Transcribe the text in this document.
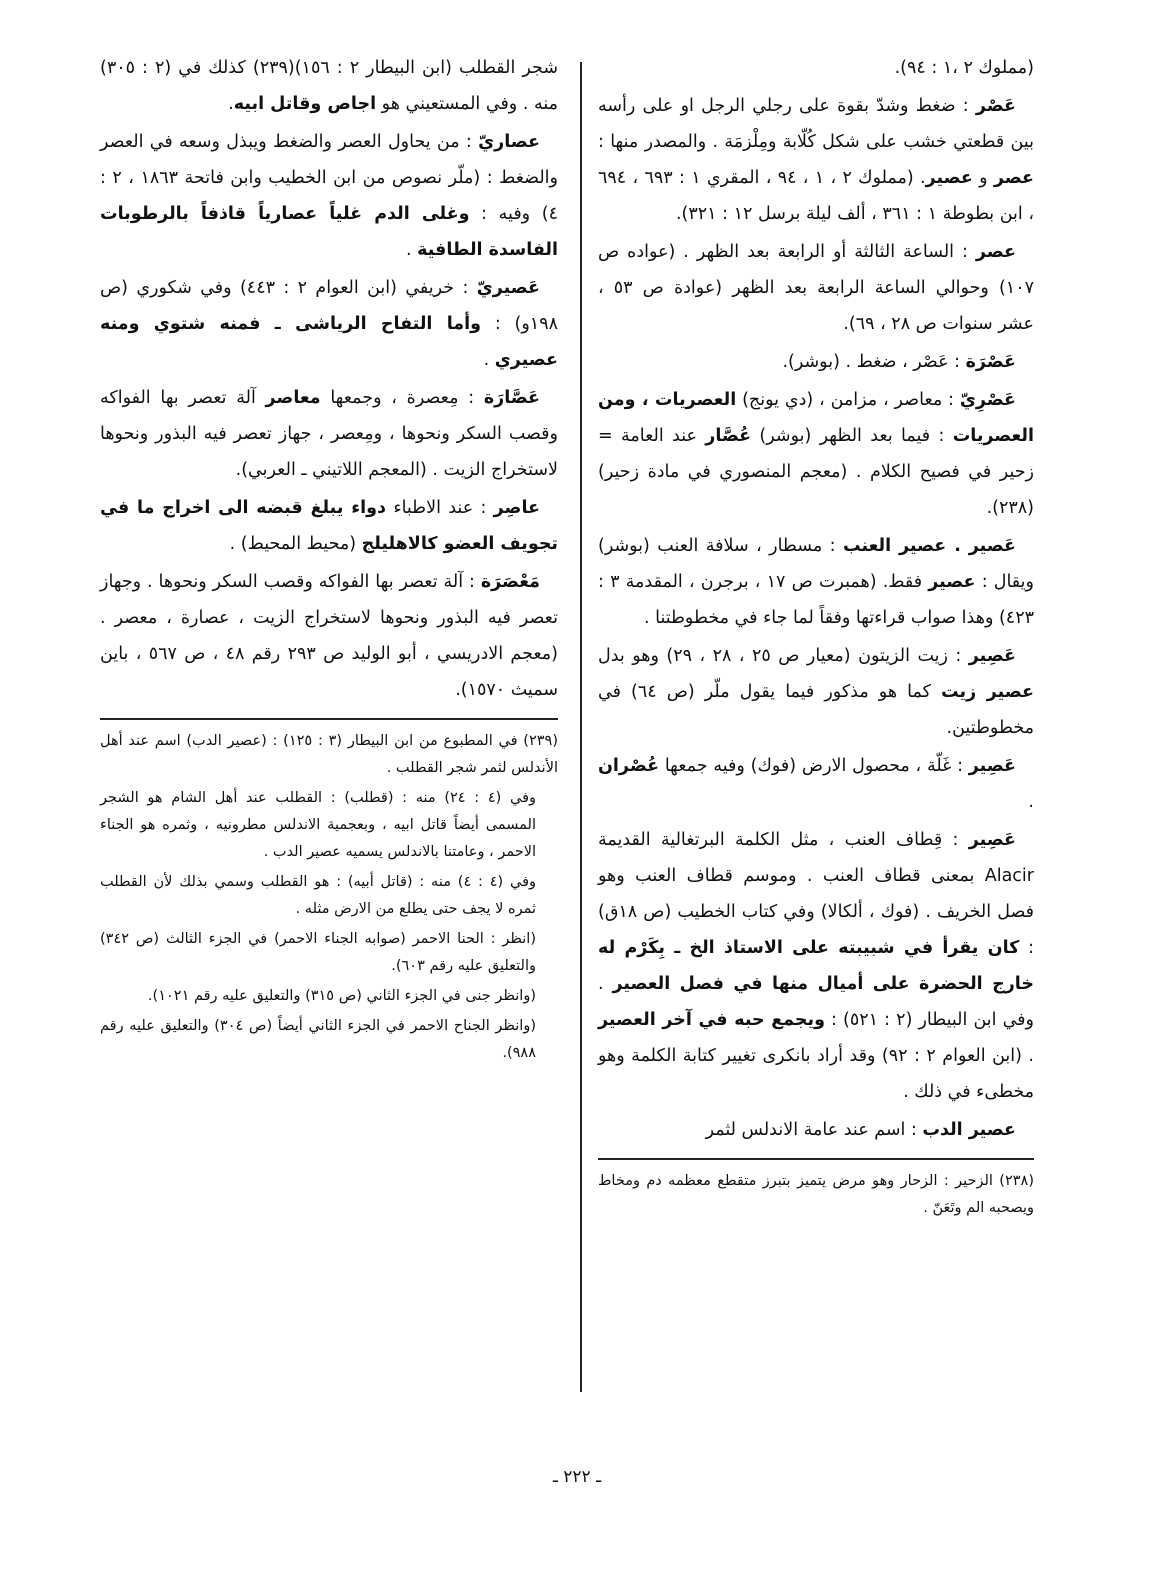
(مملوك ٢ ،١ : ٩٤).
عَصْر : ضغط وشدّ بقوة على رجلي الرجل او على رأسه بين قطعتي خشب على شكل كُلّابة ومِلْزمَة . والمصدر منها : عصر و عصير. (مملوك ٢ ، ١ ، ٩٤ ، المقري ١ : ٦٩٣ ، ٦٩٤ ، ابن بطوطة ١ : ٣٦١ ، ألف ليلة برسل ١٢ : ٣٢١).
عصر : الساعة الثالثة أو الرابعة بعد الظهر . (عواده ص ١٠٧) وحوالي الساعة الرابعة بعد الظهر (عوادة ص ٥٣ ، عشر سنوات ص ٢٨ ، ٦٩).
عَصْرَة : عَصْر ، ضغط . (بوشر).
عَصْرِيّ : معاصر ، مزامن ، (دي يونج) العصريات ، ومن العصريات : فيما بعد الظهر (بوشر) عُصَّار عند العامة = زحير في فصيح الكلام . (معجم المنصوري في مادة زحير)(٢٣٨).
عَصير . عصير العنب : مسطار ، سلافة العنب (بوشر) ويقال : عصير فقط. (همبرت ص ١٧ ، برجرن ، المقدمة ٣ : ٤٢٣) وهذا صواب قراءتها وفقاً لما جاء في مخطوطتنا .
عَصِير : زيت الزيتون (معيار ص ٢٥ ، ٢٨ ، ٢٩) وهو بدل عصير زيت كما هو مذكور فيما يقول ملّر (ص ٦٤) في مخطوطتين.
عَصِير : غَلّة ، محصول الارض (فوك) وفيه جمعها عُصْران .
عَصِير : قِطاف العنب ، مثل الكلمة البرتغالية القديمة Alacir بمعنى قطاف العنب . وموسم قطاف العنب وهو فصل الخريف . (فوك ، ألكالا) وفي كتاب الخطيب (ص ١٨ق) : كان يقرأ في شبيبته على الاستاذ الخ ـ بِكَرْم له خارج الحضرة على أميال منها في فصل العصير . وفي ابن البيطار (٢ : ٥٢١) : ويجمع حبه في آخر العصير . (ابن العوام ٢ : ٩٢) وقد أراد بانكرى تغيير كتابة الكلمة وهو مخطىء في ذلك .
عصير الدب : اسم عند عامة الاندلس لثمر
(٢٣٨) الزحير : الزحار وهو مرض يتميز بتبرز متقطع معظمه دم ومخاط ويصحبه الم وتَعَنّ .
شجر القطلب (ابن البيطار ٢ : ١٥٦)(٢٣٩) كذلك في (٢ : ٣٠٥) منه . وفي المستعيني هو اجاص وقاتل ابيه.
عصاريّ : من يحاول العصر والضغط ويبذل وسعه في العصر والضغط : (ملّر نصوص من ابن الخطيب وابن فاتحة ١٨٦٣ ، ٢ : ٤) وفيه : وغلى الدم غلياً عصارياً قاذفاً بالرطوبات الفاسدة الطافية .
عَصيريّ : خريفي (ابن العوام ٢ : ٤٤٣) وفي شكوري (ص ١٩٨و) : وأما التفاح الرياشى ـ فمنه شتوي ومنه عصيري .
عَصَّارَة : مِعصرة ، وجمعها معاصر آلة تعصر بها الفواكه وقصب السكر ونحوها ، ومِعصر ، جهاز تعصر فيه البذور ونحوها لاستخراج الزيت . (المعجم اللاتيني ـ العربي).
عاصِر : عند الاطباء دواء يبلغ قبضه الى اخراج ما في تجويف العضو كالاهليلج (محيط المحيط) .
مَعْصَرَة : آلة تعصر بها الفواكه وقصب السكر ونحوها . وجهاز تعصر فيه البذور ونحوها لاستخراج الزيت ، عصارة ، معصر . (معجم الادريسي ، أبو الوليد ص ٢٩٣ رقم ٤٨ ، ص ٥٦٧ ، باين سميث ١٥٧٠).
(٢٣٩) في المطبوع من ابن البيطار (٣ : ١٢٥) : (عصير الدب) اسم عند أهل الأندلس لثمر شجر القطلب .
وفي (٤ : ٢٤) منه : (قطلب) : القطلب عند أهل الشام هو الشجر المسمى أيضاً قاتل ابيه ، وبعجمية الاندلس مطرونيه ، وثمره هو الجناء الاحمر ، وعامتنا بالاندلس يسميه عصير الدب .
وفي (٤ : ٤) منه : (قاتل أبيه) : هو القطلب وسمي بذلك لأن القطلب ثمره لا يجف حتى يطلع من الارض مثله .
(انظر : الحنا الاحمر (صوابه الجناء الاحمر) في الجزء الثالث (ص ٣٤٢) والتعليق عليه رقم ٦٠٣).
(وانظر جنى في الجزء الثاني (ص ٣١٥) والتعليق عليه رقم ١٠٢١).
(وانظر الجناح الاحمر في الجزء الثاني أيضاً (ص ٣٠٤) والتعليق عليه رقم ٩٨٨).
ـ ٢٢٢ ـ
